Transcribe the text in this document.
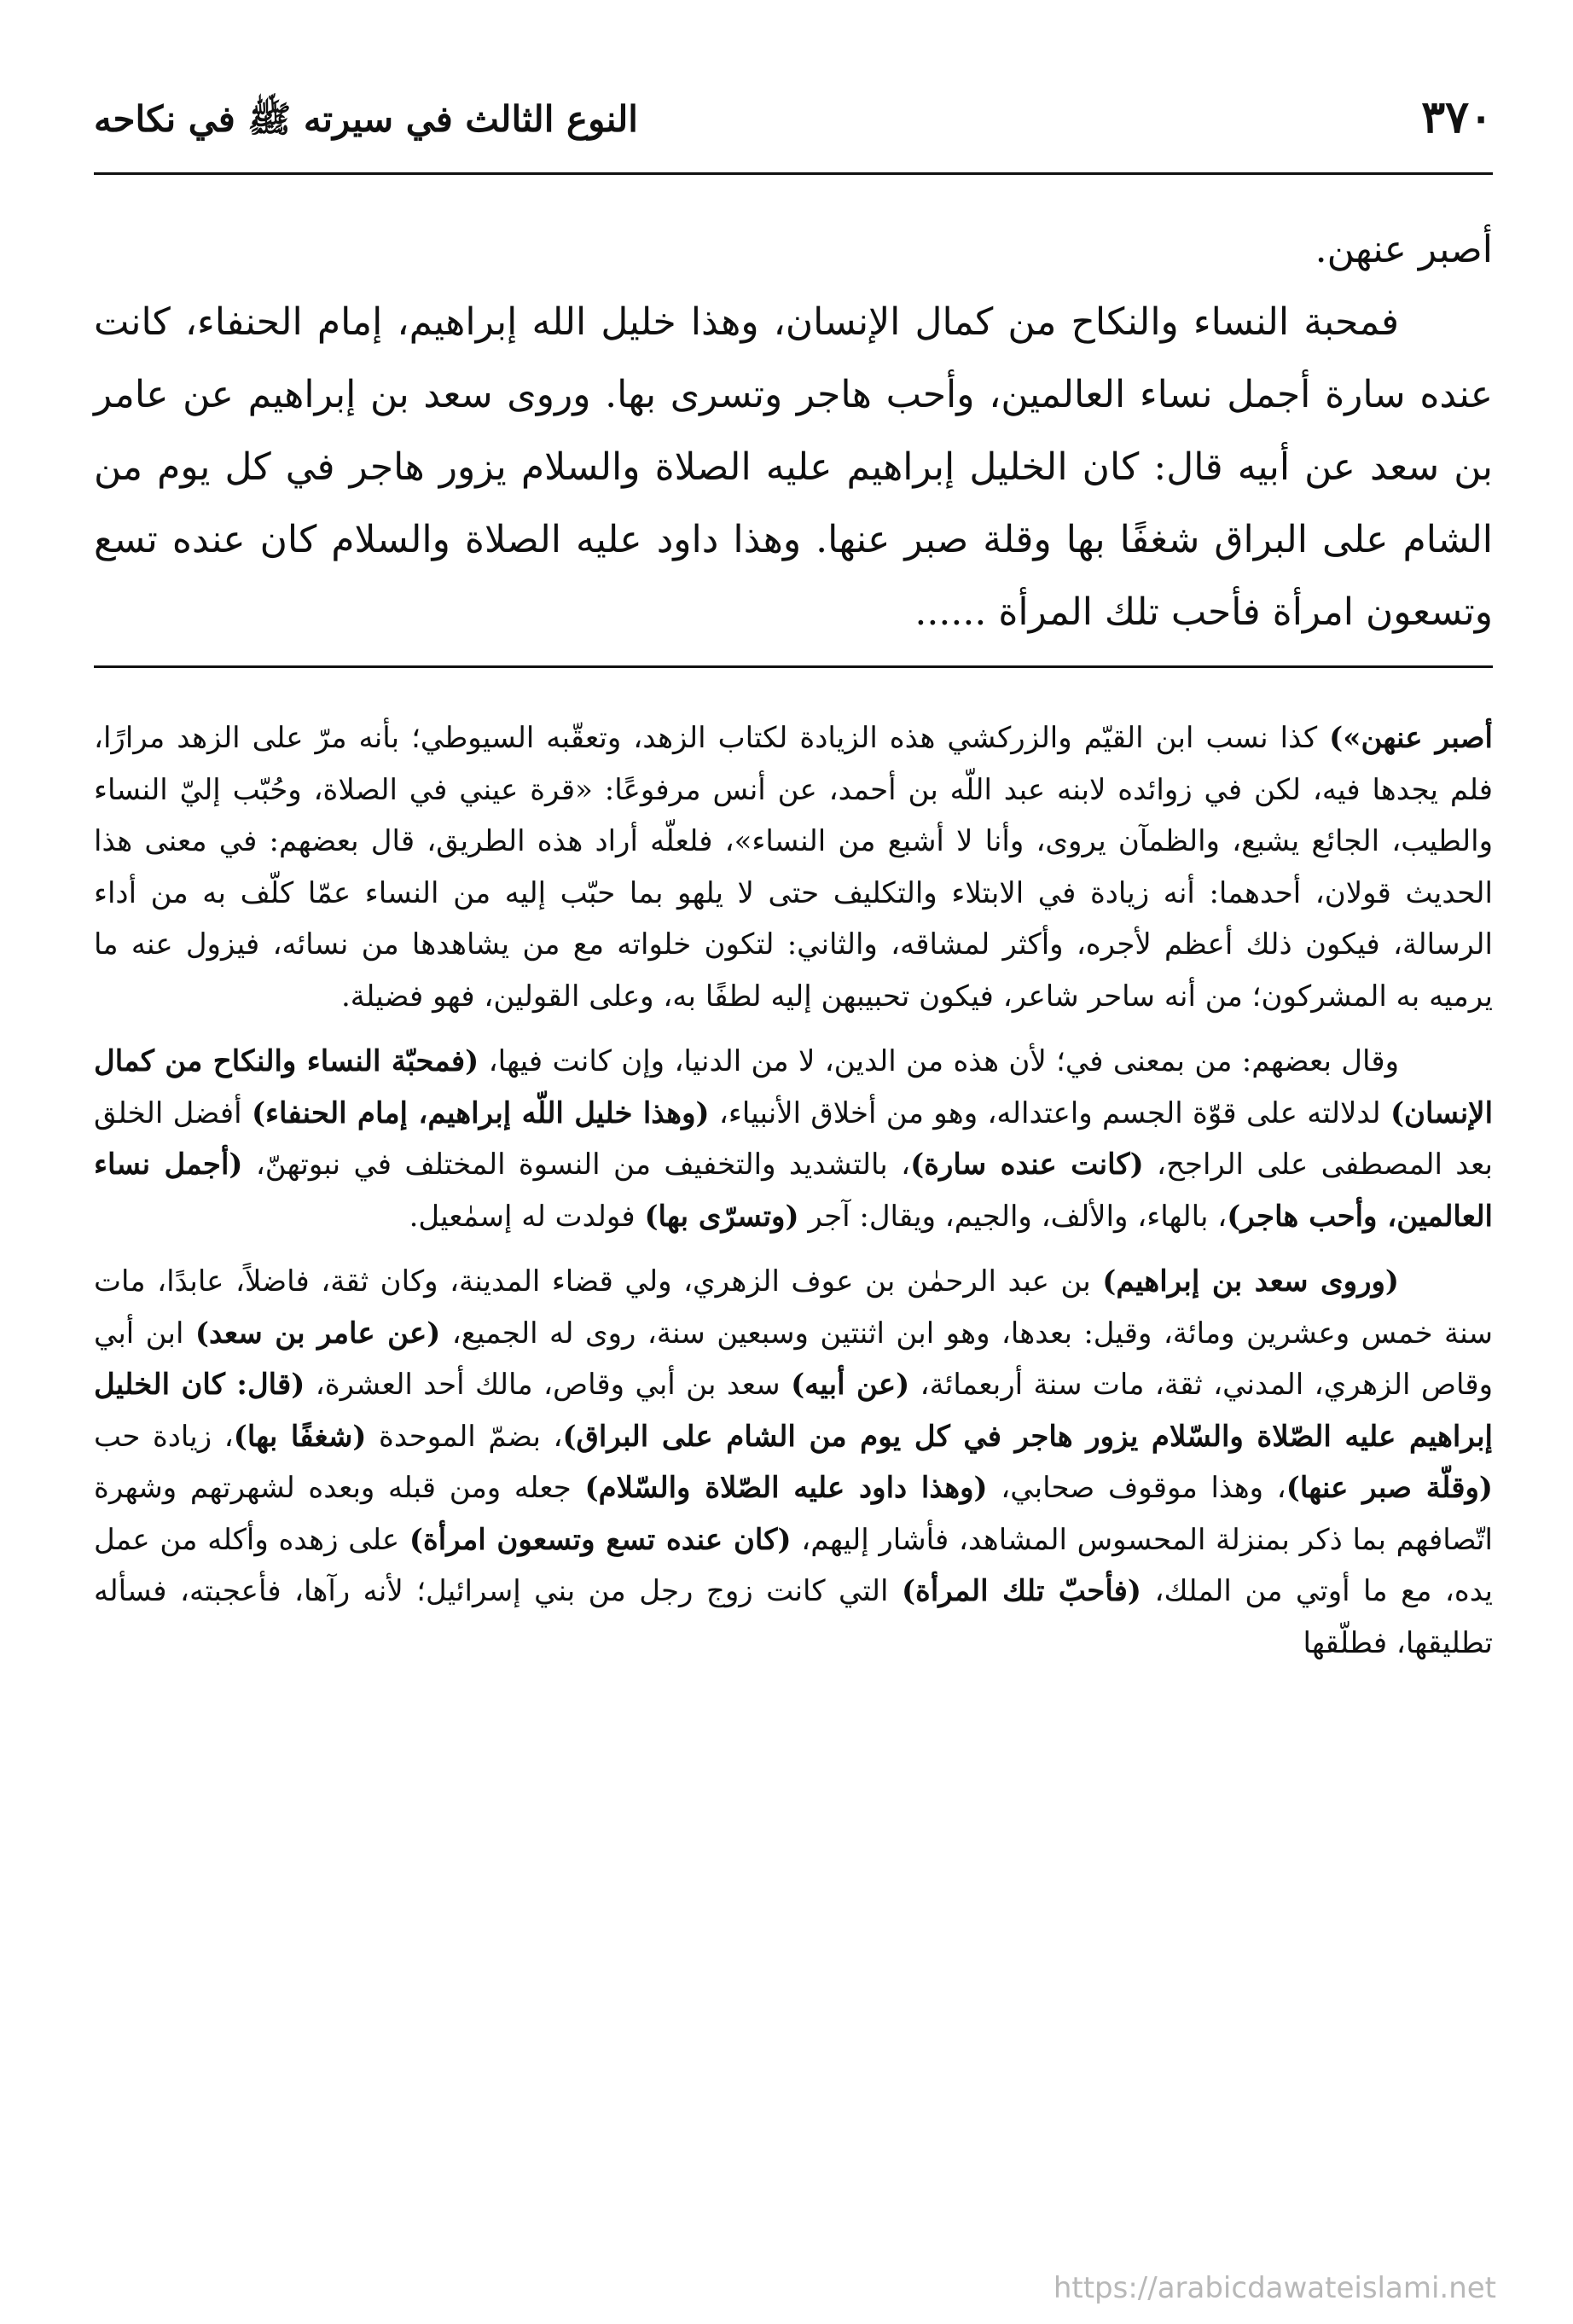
٣٧٠
النوع الثالث في سيرته ﷺ في نكاحه

أصبر عنهن.

فمحبة النساء والنكاح من كمال الإنسان، وهذا خليل الله إبراهيم، إمام الحنفاء، كانت عنده سارة أجمل نساء العالمين، وأحب هاجر وتسرى بها. وروى سعد بن إبراهيم عن عامر بن سعد عن أبيه قال: كان الخليل إبراهيم عليه الصلاة والسلام يزور هاجر في كل يوم من الشام على البراق شغفًا بها وقلة صبر عنها. وهذا داود عليه الصلاة والسلام كان عنده تسع وتسعون امرأة فأحب تلك المرأة ......

أصبر عنهن») كذا نسب ابن القيّم والزركشي هذه الزيادة لكتاب الزهد، وتعقّبه السيوطي؛ بأنه مرّ على الزهد مرارًا، فلم يجدها فيه، لكن في زوائده لابنه عبد اللّه بن أحمد، عن أنس مرفوعًا: «قرة عيني في الصلاة، وحُبّب إليّ النساء والطيب، الجائع يشبع، والظمآن يروى، وأنا لا أشبع من النساء»، فلعلّه أراد هذه الطريق، قال بعضهم: في معنى هذا الحديث قولان، أحدهما: أنه زيادة في الابتلاء والتكليف حتى لا يلهو بما حبّب إليه من النساء عمّا كلّف به من أداء الرسالة، فيكون ذلك أعظم لأجره، وأكثر لمشاقه، والثاني: لتكون خلواته مع من يشاهدها من نسائه، فيزول عنه ما يرميه به المشركون؛ من أنه ساحر شاعر، فيكون تحبيبهن إليه لطفًا به، وعلى القولين، فهو فضيلة.

وقال بعضهم: من بمعنى في؛ لأن هذه من الدين، لا من الدنيا، وإن كانت فيها، (فمحبّة النساء والنكاح من كمال الإنسان) لدلالته على قوّة الجسم واعتداله، وهو من أخلاق الأنبياء، (وهذا خليل اللّه إبراهيم، إمام الحنفاء) أفضل الخلق بعد المصطفى على الراجح، (كانت عنده سارة)، بالتشديد والتخفيف من النسوة المختلف في نبوتهنّ، (أجمل نساء العالمين، وأحب هاجر)، بالهاء، والألف، والجيم، ويقال: آجر (وتسرّى بها) فولدت له إسمٰعيل.

(وروى سعد بن إبراهيم) بن عبد الرحمٰن بن عوف الزهري، ولي قضاء المدينة، وكان ثقة، فاضلاً، عابدًا، مات سنة خمس وعشرين ومائة، وقيل: بعدها، وهو ابن اثنتين وسبعين سنة، روى له الجميع، (عن عامر بن سعد) ابن أبي وقاص الزهري، المدني، ثقة، مات سنة أربعمائة، (عن أبيه) سعد بن أبي وقاص، مالك أحد العشرة، (قال: كان الخليل إبراهيم عليه الصّلاة والسّلام يزور هاجر في كل يوم من الشام على البراق)، بضمّ الموحدة (شغفًا بها)، زيادة حب (وقلّة صبر عنها)، وهذا موقوف صحابي، (وهذا داود عليه الصّلاة والسّلام) جعله ومن قبله وبعده لشهرتهم وشهرة اتّصافهم بما ذكر بمنزلة المحسوس المشاهد، فأشار إليهم، (كان عنده تسع وتسعون امرأة) على زهده وأكله من عمل يده، مع ما أوتي من الملك، (فأحبّ تلك المرأة) التي كانت زوج رجل من بني إسرائيل؛ لأنه رآها، فأعجبته، فسأله تطليقها، فطلّقها

https://arabicdawateislami.net
